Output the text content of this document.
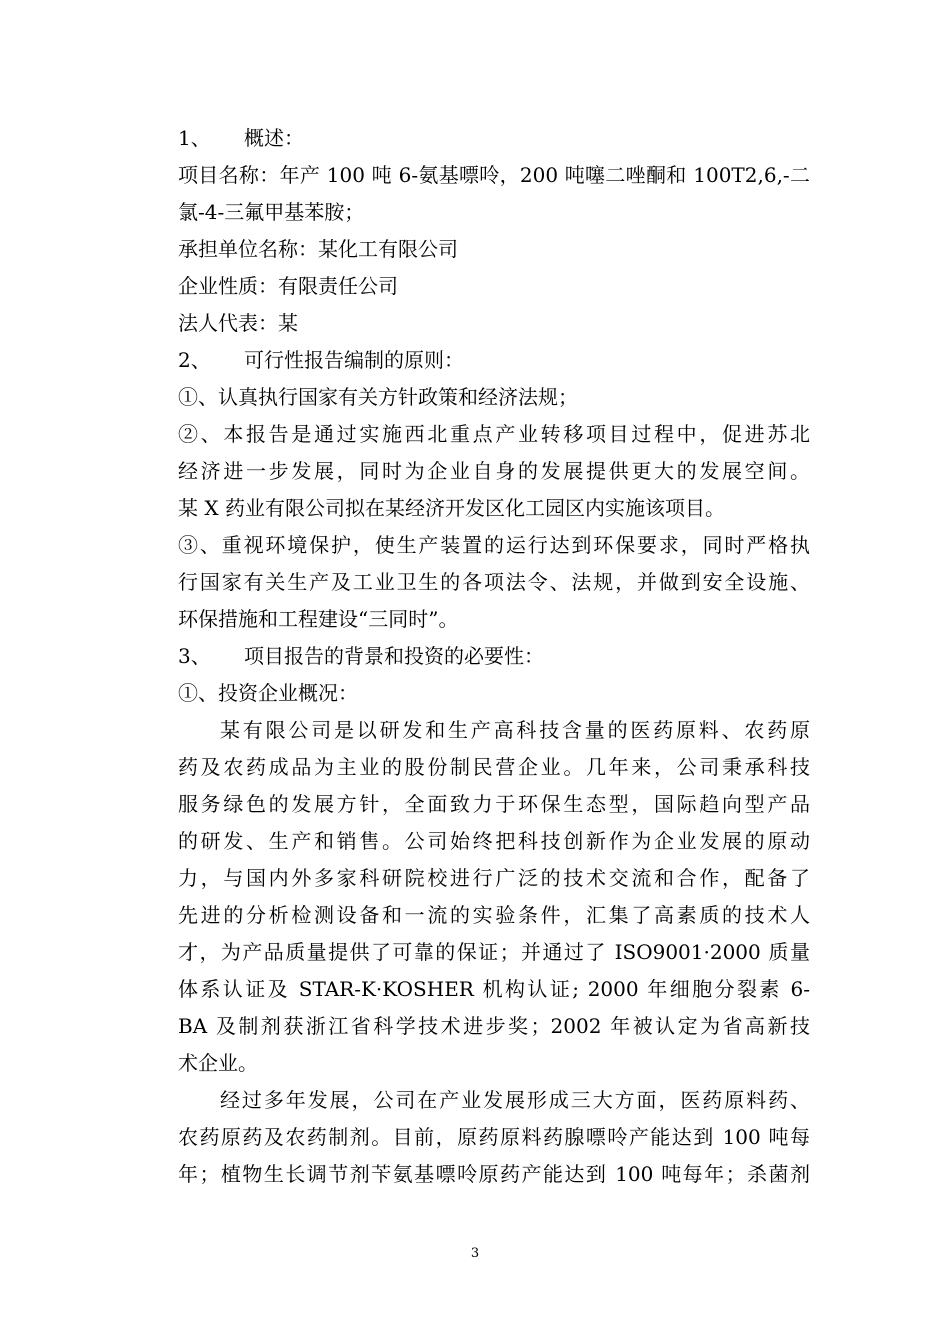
1、 概述：

项目名称：年产 100 吨 6-氨基嘌呤，200 吨噻二唑酮和 100T2,6,-二

氯-4-三氟甲基苯胺；

承担单位名称：某化工有限公司

企业性质：有限责任公司

法人代表：某

2、 可行性报告编制的原则：

①、认真执行国家有关方针政策和经济法规；

②、本报告是通过实施西北重点产业转移项目过程中，促进苏北

经济进一步发展，同时为企业自身的发展提供更大的发展空间。

某 X 药业有限公司拟在某经济开发区化工园区内实施该项目。

③、重视环境保护，使生产装置的运行达到环保要求，同时严格执

行国家有关生产及工业卫生的各项法令、法规，并做到安全设施、

环保措施和工程建设“三同时”。

3、 项目报告的背景和投资的必要性：

①、投资企业概况：

某有限公司是以研发和生产高科技含量的医药原料、农药原

药及农药成品为主业的股份制民营企业。几年来，公司秉承科技

服务绿色的发展方针，全面致力于环保生态型，国际趋向型产品

的研发、生产和销售。公司始终把科技创新作为企业发展的原动

力，与国内外多家科研院校进行广泛的技术交流和合作，配备了

先进的分析检测设备和一流的实验条件，汇集了高素质的技术人

才，为产品质量提供了可靠的保证；并通过了 ISO9001·2000 质量

体系认证及 STAR-K·KOSHER 机构认证; 2000 年细胞分裂素 6-

BA 及制剂获浙江省科学技术进步奖；2002 年被认定为省高新技

术企业。

经过多年发展，公司在产业发展形成三大方面，医药原料药、

农药原药及农药制剂。目前，原药原料药腺嘌呤产能达到 100 吨每

年；植物生长调节剂苄氨基嘌呤原药产能达到 100 吨每年；杀菌剂

3
